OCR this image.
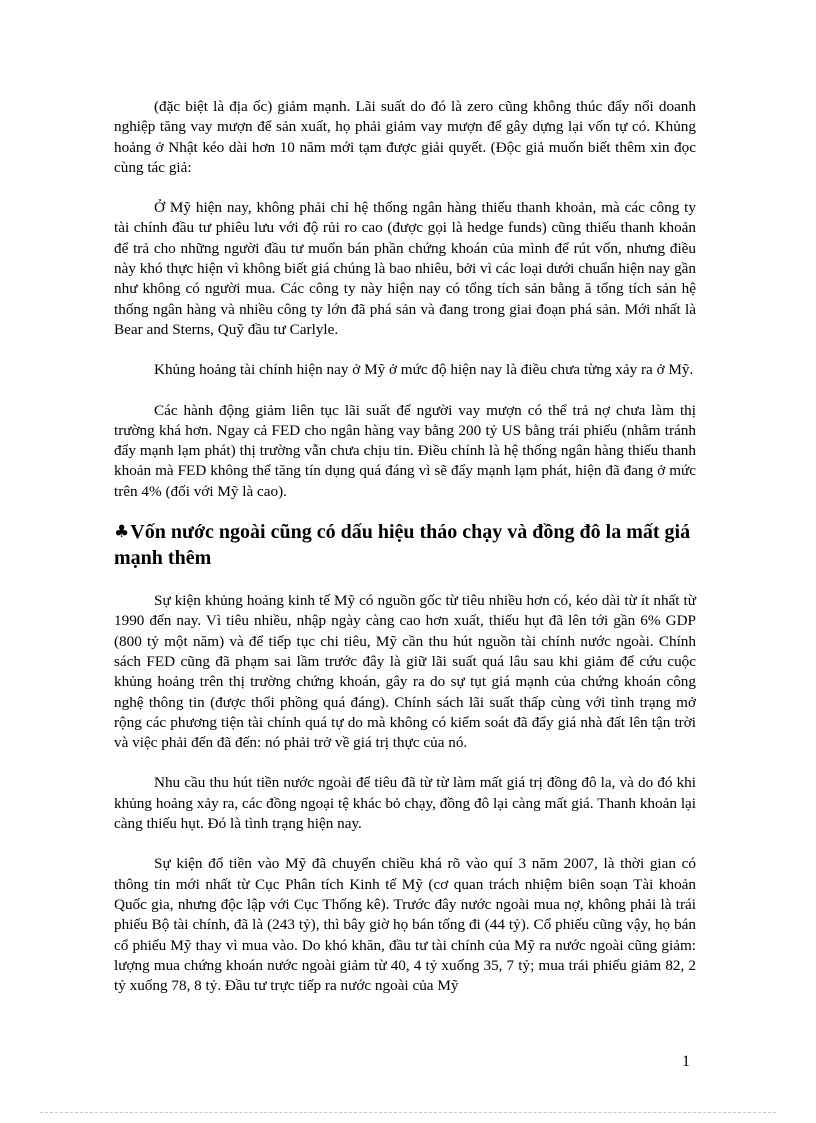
(đặc biệt là địa ốc) giảm mạnh. Lãi suất do đó là zero cũng không thúc đẩy nổi doanh nghiệp tăng vay mượn để sản xuất, họ phải giảm vay mượn để gây dựng lại vốn tự có. Khủng hoảng ở Nhật kéo dài hơn 10 năm mới tạm được giải quyết. (Độc giả muốn biết thêm xin đọc cùng tác giả:

Ở Mỹ hiện nay, không phải chỉ hệ thống ngân hàng thiếu thanh khoản, mà các công ty tài chính đầu tư phiêu lưu với độ rủi ro cao (được gọi là hedge funds) cũng thiếu thanh khoản để trả cho những người đầu tư muốn bán phần chứng khoán của mình để rút vốn, nhưng điều này khó thực hiện vì không biết giá chúng là bao nhiêu, bởi vì các loại dưới chuẩn hiện nay gần như không có người mua. Các công ty này hiện nay có tổng tích sản bằng ă tổng tích sản hệ thống ngân hàng và nhiều công ty lớn đã phá sản và đang trong giai đoạn phá sản. Mới nhất là Bear and Sterns, Quỹ đầu tư Carlyle.

Khủng hoảng tài chính hiện nay ở Mỹ ở mức độ hiện nay là điều chưa từng xảy ra ở Mỹ.

Các hành động giảm liên tục lãi suất để người vay mượn có thể trả nợ chưa làm thị trường khá hơn. Ngay cả FED cho ngân hàng vay bằng 200 tỷ US bằng trái phiếu (nhằm tránh đẩy mạnh lạm phát) thị trường vẫn chưa chịu tin. Điều chính là hệ thống ngân hàng thiếu thanh khoản mà FED không thể tăng tín dụng quá đáng vì sẽ đẩy mạnh lạm phát, hiện đã đang ở mức trên 4% (đối với Mỹ là cao).

♣Vốn nước ngoài cũng có dấu hiệu tháo chạy và đồng đô la mất giá mạnh thêm

Sự kiện khủng hoảng kinh tế Mỹ có nguồn gốc từ tiêu nhiều hơn có, kéo dài từ ít nhất từ 1990 đến nay. Vì tiêu nhiều, nhập ngày càng cao hơn xuất, thiếu hụt đã lên tới gần 6% GDP (800 tỷ một năm) và để tiếp tục chi tiêu, Mỹ cần thu hút nguồn tài chính nước ngoài. Chính sách FED cũng đã phạm sai lầm trước đây là giữ lãi suất quá lâu sau khi giảm để cứu cuộc khủng hoảng trên thị trường chứng khoán, gây ra do sự tụt giá mạnh của chứng khoán công nghệ thông tin (được thổi phồng quá đáng). Chính sách lãi suất thấp cùng với tình trạng mở rộng các phương tiện tài chính quá tự do mà không có kiểm soát đã đẩy giá nhà đất lên tận trời và việc phải đến đã đến: nó phải trở về giá trị thực của nó.

Nhu cầu thu hút tiền nước ngoài để tiêu đã từ từ làm mất giá trị đồng đô la, và do đó khi khủng hoảng xảy ra, các đồng ngoại tệ khác bỏ chạy, đồng đô lại càng mất giá. Thanh khoản lại càng thiếu hụt. Đó là tình trạng hiện nay.

Sự kiện đổ tiền vào Mỹ đã chuyển chiều khá rõ vào quí 3 năm 2007, là thời gian có thông tin mới nhất từ Cục Phân tích Kinh tế Mỹ (cơ quan trách nhiệm biên soạn Tài khoản Quốc gia, nhưng độc lập với Cục Thống kê). Trước đây nước ngoài mua nợ, không phải là trái phiếu Bộ tài chính, đã là (243 tỷ), thì bây giờ họ bán tống đi (44 tỷ). Cổ phiếu cũng vậy, họ bán cổ phiếu Mỹ thay vì mua vào. Do khó khăn, đầu tư tài chính của Mỹ ra nước ngoài cũng giảm: lượng mua chứng khoán nước ngoài giảm từ 40, 4 tỷ xuống 35, 7 tỷ; mua trái phiếu giảm 82, 2 tỷ xuống 78, 8 tỷ. Đầu tư trực tiếp ra nước ngoài của Mỹ

1
